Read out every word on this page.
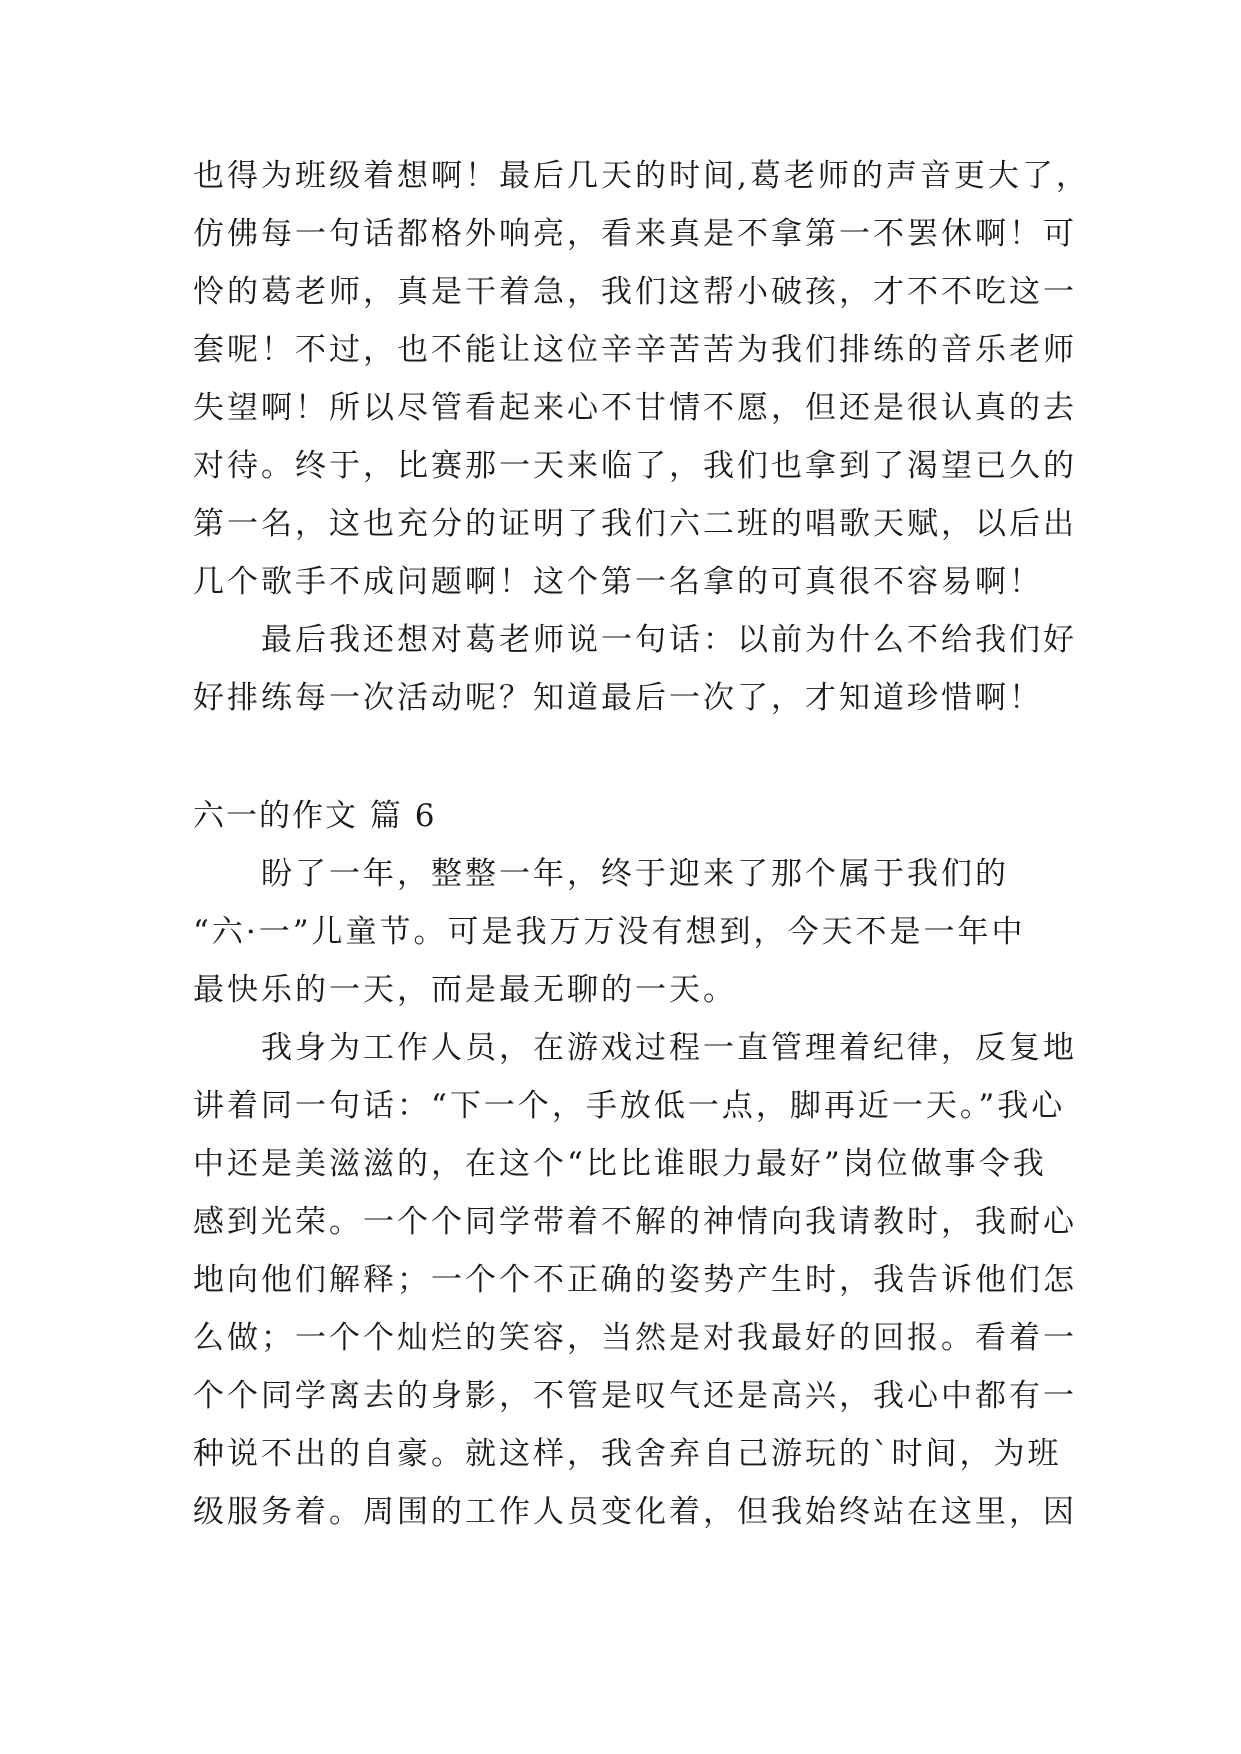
也得为班级着想啊！最后几天的时间,葛老师的声音更大了，
仿佛每一句话都格外响亮，看来真是不拿第一不罢休啊！可
怜的葛老师，真是干着急，我们这帮小破孩，才不不吃这一
套呢！不过，也不能让这位辛辛苦苦为我们排练的音乐老师
失望啊！所以尽管看起来心不甘情不愿，但还是很认真的去
对待。终于，比赛那一天来临了，我们也拿到了渴望已久的
第一名，这也充分的证明了我们六二班的唱歌天赋，以后出
几个歌手不成问题啊！这个第一名拿的可真很不容易啊！
　　最后我还想对葛老师说一句话：以前为什么不给我们好
好排练每一次活动呢？知道最后一次了，才知道珍惜啊！
六一的作文 篇 6
　　盼了一年，整整一年，终于迎来了那个属于我们的
“六·一”儿童节。可是我万万没有想到，今天不是一年中
最快乐的一天，而是最无聊的一天。
　　我身为工作人员，在游戏过程一直管理着纪律，反复地
讲着同一句话：“下一个，手放低一点，脚再近一天。”我心
中还是美滋滋的，在这个“比比谁眼力最好”岗位做事令我
感到光荣。一个个同学带着不解的神情向我请教时，我耐心
地向他们解释；一个个不正确的姿势产生时，我告诉他们怎
么做；一个个灿烂的笑容，当然是对我最好的回报。看着一
个个同学离去的身影，不管是叹气还是高兴，我心中都有一
种说不出的自豪。就这样，我舍弃自己游玩的`时间，为班
级服务着。周围的工作人员变化着，但我始终站在这里，因
